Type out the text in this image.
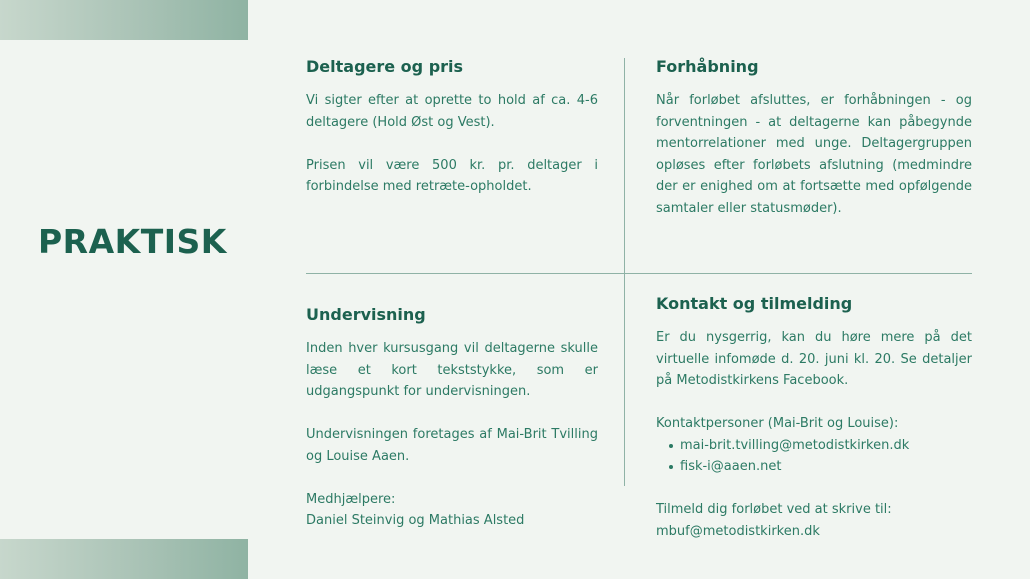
PRAKTISK
Deltagere og pris

Vi sigter efter at oprette to hold af ca. 4-6 deltagere (Hold Øst og Vest).

Prisen vil være 500 kr. pr. deltager i forbindelse med retræte-opholdet.

Forhåbning

Når forløbet afsluttes, er forhåbningen - og forventningen - at deltagerne kan påbegynde mentorrelationer med unge. Deltagergruppen opløses efter forløbets afslutning (medmindre der er enighed om at fortsætte med opfølgende samtaler eller statusmøder).

Undervisning

Inden hver kursusgang vil deltagerne skulle læse et kort tekststykke, som er udgangspunkt for undervisningen.

Undervisningen foretages af Mai-Brit Tvilling og Louise Aaen.

Medhjælpere:

Daniel Steinvig og Mathias Alsted

Kontakt og tilmelding

Er du nysgerrig, kan du høre mere på det virtuelle infomøde d. 20. juni kl. 20. Se detaljer på Metodistkirkens Facebook.

Kontaktpersoner (Mai-Brit og Louise):

mai-brit.tvilling@metodistkirken.dk
fisk-i@aaen.net

Tilmeld dig forløbet ved at skrive til:

mbuf@metodistkirken.dk
